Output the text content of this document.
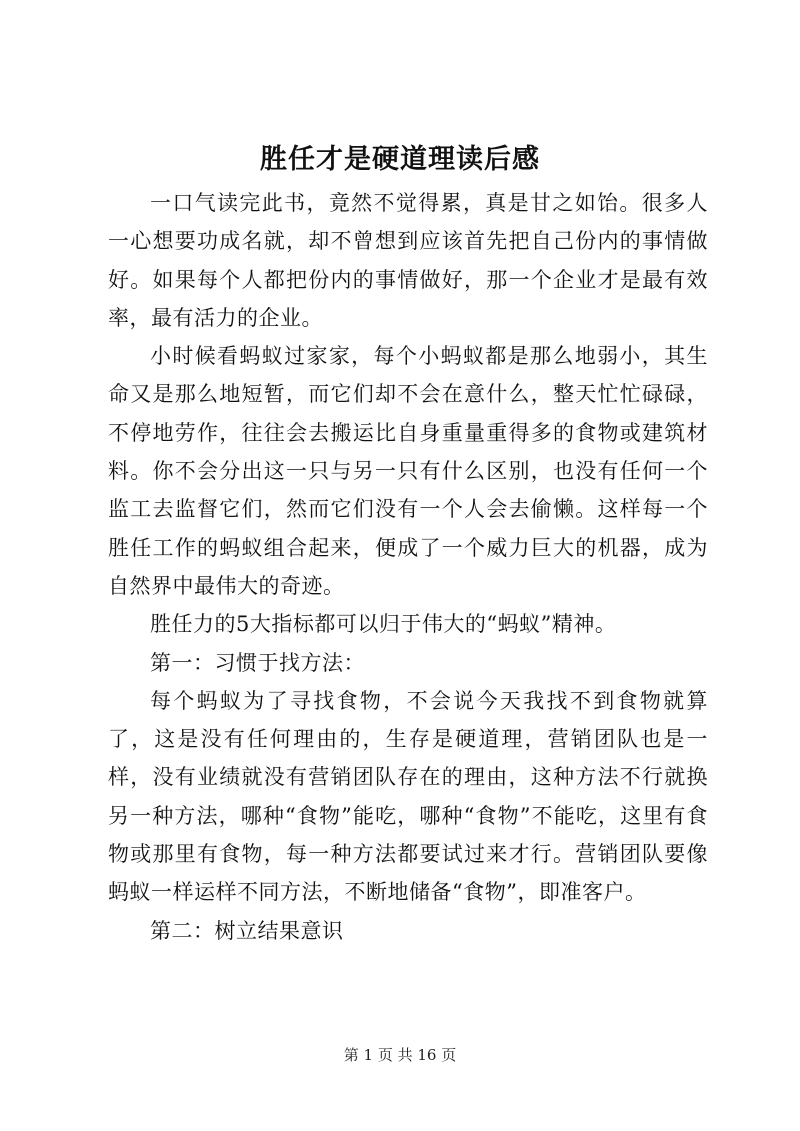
胜任才是硬道理读后感

一口气读完此书，竟然不觉得累，真是甘之如饴。很多人一心想要功成名就，却不曾想到应该首先把自己份内的事情做好。如果每个人都把份内的事情做好，那一个企业才是最有效率，最有活力的企业。

小时候看蚂蚁过家家，每个小蚂蚁都是那么地弱小，其生命又是那么地短暂，而它们却不会在意什么，整天忙忙碌碌，不停地劳作，往往会去搬运比自身重量重得多的食物或建筑材料。你不会分出这一只与另一只有什么区别，也没有任何一个监工去监督它们，然而它们没有一个人会去偷懒。这样每一个胜任工作的蚂蚁组合起来，便成了一个威力巨大的机器，成为自然界中最伟大的奇迹。

胜任力的5大指标都可以归于伟大的“蚂蚁”精神。

第一：习惯于找方法：

每个蚂蚁为了寻找食物，不会说今天我找不到食物就算了，这是没有任何理由的，生存是硬道理，营销团队也是一样，没有业绩就没有营销团队存在的理由，这种方法不行就换另一种方法，哪种“食物”能吃，哪种“食物”不能吃，这里有食物或那里有食物，每一种方法都要试过来才行。营销团队要像蚂蚁一样运样不同方法，不断地储备“食物”，即准客户。

第二：树立结果意识

第 1 页 共 16 页
